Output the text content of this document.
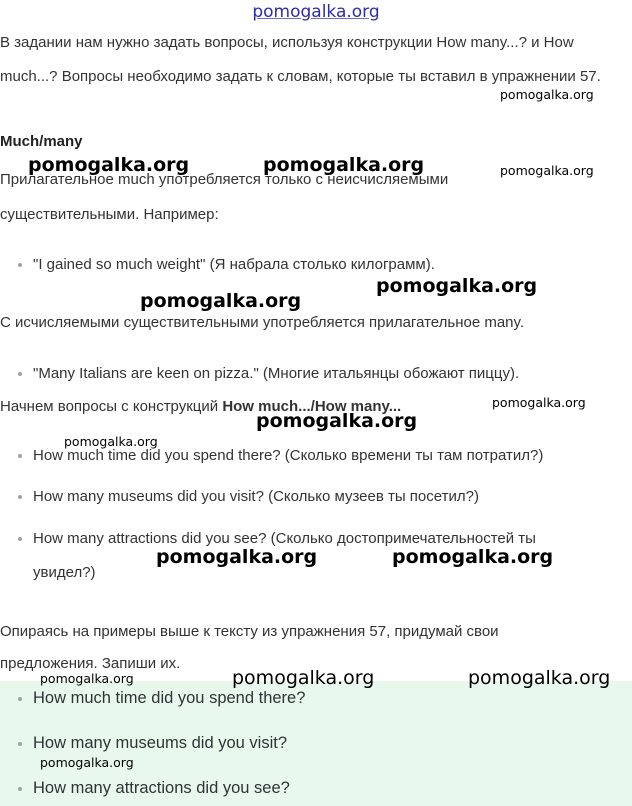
pomogalka.org
В задании нам нужно задать вопросы, используя конструкции How many...? и How much...? Вопросы необходимо задать к словам, которые ты вставил в упражнении 57.
Much/many
Прилагательное much употребляется только с неисчисляемыми
существительными. Например:
"I gained so much weight" (Я набрала столько килограмм).
С исчисляемыми существительными употребляется прилагательное many.
"Many Italians are keen on pizza." (Многие итальянцы обожают пиццу).
Начнем вопросы с конструкций How much.../How many...
How much time did you spend there? (Сколько времени ты там потратил?)
How many museums did you visit? (Сколько музеев ты посетил?)
How many attractions did you see? (Сколько достопримечательностей ты
увидел?)
Опираясь на примеры выше к тексту из упражнения 57, придумай свои
предложения. Запиши их.
How much time did you spend there?
How many museums did you visit?
How many attractions did you see?
pomogalka.org
pomogalka.org	pomogalka.org	pomogalka.org
pomogalka.org
pomogalka.org
pomogalka.org
pomogalka.org
pomogalka.org
pomogalka.org	pomogalka.org
pomogalka.org	pomogalka.org	pomogalka.org
pomogalka.org
